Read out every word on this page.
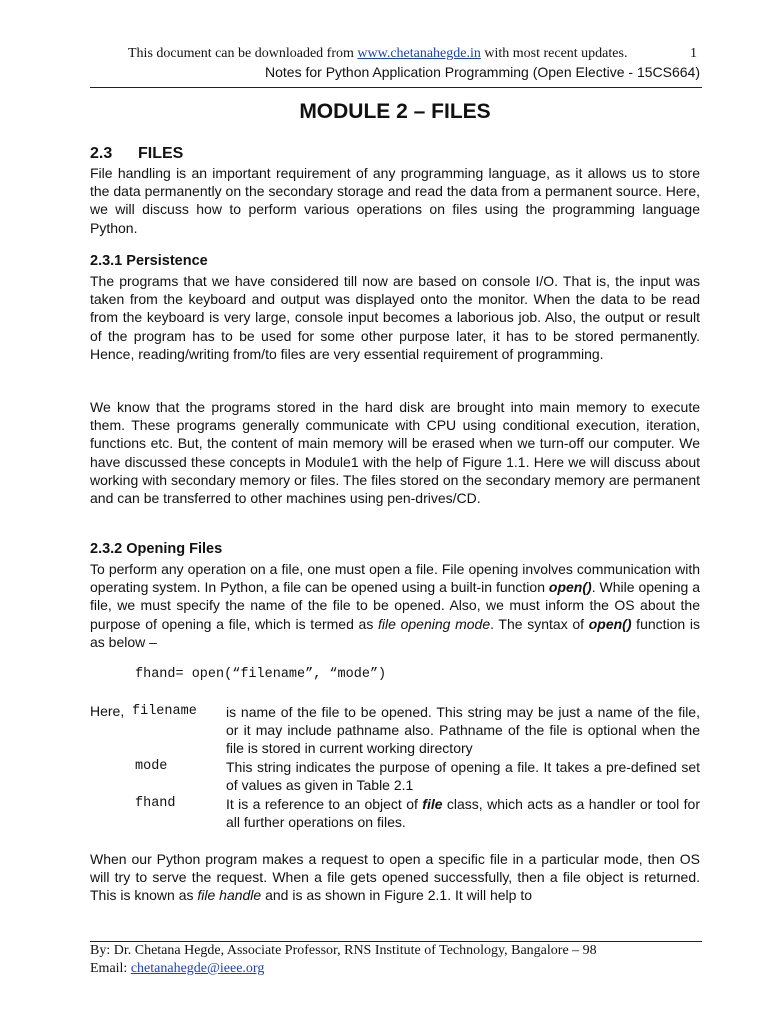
This document can be downloaded from www.chetanahegde.in with most recent updates.	1
Notes for Python Application Programming (Open Elective - 15CS664)
MODULE 2 – FILES
2.3 FILES
File handling is an important requirement of any programming language, as it allows us to store the data permanently on the secondary storage and read the data from a permanent source. Here, we will discuss how to perform various operations on files using the programming language Python.
2.3.1 Persistence
The programs that we have considered till now are based on console I/O. That is, the input was taken from the keyboard and output was displayed onto the monitor. When the data to be read from the keyboard is very large, console input becomes a laborious job. Also, the output or result of the program has to be used for some other purpose later, it has to be stored permanently. Hence, reading/writing from/to files are very essential requirement of programming.
We know that the programs stored in the hard disk are brought into main memory to execute them. These programs generally communicate with CPU using conditional execution, iteration, functions etc. But, the content of main memory will be erased when we turn-off our computer. We have discussed these concepts in Module1 with the help of Figure 1.1. Here we will discuss about working with secondary memory or files. The files stored on the secondary memory are permanent and can be transferred to other machines using pen-drives/CD.
2.3.2 Opening Files
To perform any operation on a file, one must open a file. File opening involves communication with operating system. In Python, a file can be opened using a built-in function open(). While opening a file, we must specify the name of the file to be opened. Also, we must inform the OS about the purpose of opening a file, which is termed as file opening mode. The syntax of open() function is as below –
fhand= open(“filename”, “mode”)
Here, filename is name of the file to be opened. This string may be just a name of the file, or it may include pathname also. Pathname of the file is optional when the file is stored in current working directory
mode	This string indicates the purpose of opening a file. It takes a pre-defined set of values as given in Table 2.1
fhand	It is a reference to an object of file class, which acts as a handler or tool for all further operations on files.
When our Python program makes a request to open a specific file in a particular mode, then OS will try to serve the request. When a file gets opened successfully, then a file object is returned. This is known as file handle and is as shown in Figure 2.1. It will help to
By: Dr. Chetana Hegde, Associate Professor, RNS Institute of Technology, Bangalore – 98
Email: chetanahegde@ieee.org
